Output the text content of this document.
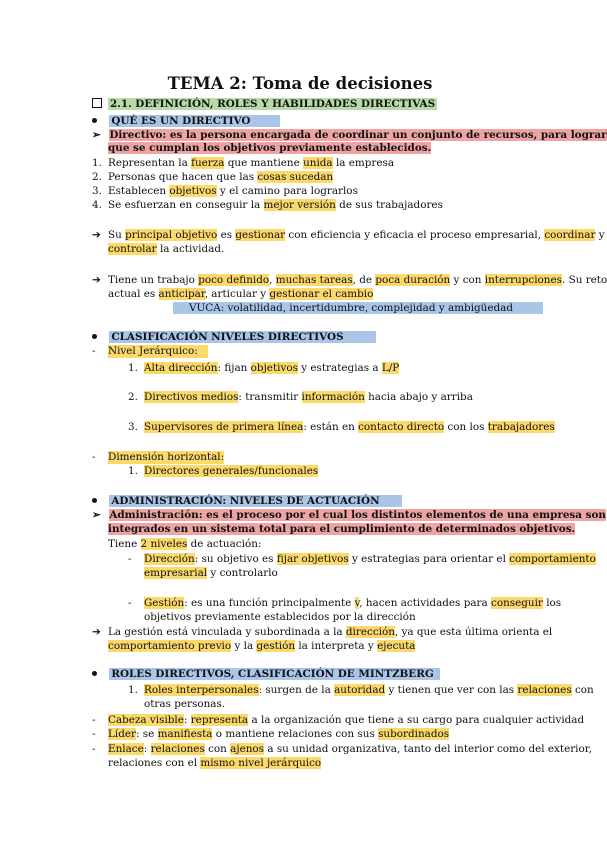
TEMA 2: Toma de decisiones
2.1. DEFINICIÓN, ROLES Y HABILIDADES DIRECTIVAS
QUÉ ES UN DIRECTIVO
➢ Directivo: es la persona encargada de coordinar un conjunto de recursos, para lograr
que se cumplan los objetivos previamente establecidos.
1. Representan la fuerza que mantiene unida la empresa
2. Personas que hacen que las cosas sucedan
3. Establecen objetivos y el camino para lograrlos
4. Se esfuerzan en conseguir la mejor versión de sus trabajadores
➔ Su principal objetivo es gestionar con eficiencia y eficacia el proceso empresarial, coordinar y
controlar la actividad.
➔ Tiene un trabajo poco definido, muchas tareas, de poca duración y con interrupciones. Su reto
actual es anticipar, articular y gestionar el cambio
VUCA: volatilidad, incertidumbre, complejidad y ambigüedad
CLASIFICACIÓN NIVELES DIRECTIVOS
- Nivel Jerárquico:
1. Alta dirección: fijan objetivos y estrategias a L/P
2. Directivos medios: transmitir información hacia abajo y arriba
3. Supervisores de primera línea: están en contacto directo con los trabajadores
- Dimensión horizontal:
1. Directores generales/funcionales
ADMINISTRACIÓN: NIVELES DE ACTUACIÓN
➢ Administración: es el proceso por el cual los distintos elementos de una empresa son
integrados en un sistema total para el cumplimiento de determinados objetivos.
Tiene 2 niveles de actuación:
- Dirección: su objetivo es fijar objetivos y estrategias para orientar el comportamiento
empresarial y controlarlo
- Gestión: es una función principalmente v, hacen actividades para conseguir los
objetivos previamente establecidos por la dirección
➔ La gestión está vinculada y subordinada a la dirección, ya que esta última orienta el
comportamiento previo y la gestión la interpreta y ejecuta
ROLES DIRECTIVOS, CLASIFICACIÓN DE MINTZBERG
1. Roles interpersonales: surgen de la autoridad y tienen que ver con las relaciones con
otras personas.
- Cabeza visible: representa a la organización que tiene a su cargo para cualquier actividad
- Líder: se manifiesta o mantiene relaciones con sus subordinados
- Enlace: relaciones con ajenos a su unidad organizativa, tanto del interior como del exterior,
relaciones con el mismo nivel jerárquico
